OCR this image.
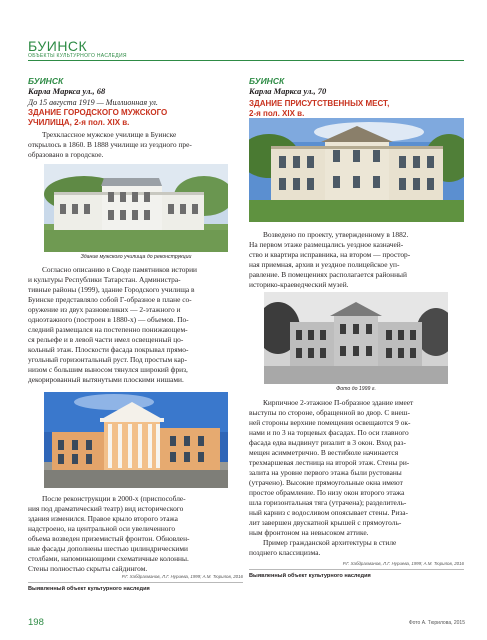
БУИНСК
ОБЪЕКТЫ КУЛЬТУРНОГО НАСЛЕДИЯ
БУИНСК
Карла Маркса ул., 68
До 15 августа 1919 — Миллионная ул.
ЗДАНИЕ ГОРОДСКОГО МУЖСКОГО
УЧИЛИЩА, 2-я пол. XIX в.
Трехклассное мужское училище в Буинске
открылось в 1860. В 1888 училище из уездного пре-
образовано в городское.
Здание мужского училища до реконструкции
Согласно описанию в Своде памятников истории
и культуры Республики Татарстан. Администра-
тивные районы (1999), здание Городского училища в
Буинске представляло собой Г-образное в плане со-
оружение из двух разновеликих — 2-этажного и
одноэтажного (построен в 1880-х) — объемов. По-
следний размещался на постепенно понижающем-
ся рельефе и в левой части имел освещенный цо-
кольный этаж. Плоскости фасада покрывал прямо-
угольный горизонтальный руст. Под простым кар-
низом с большим выносом тянулся широкий фриз,
декорированный вытянутыми плоскими нишами.
После реконструкции в 2000-х (приспособле-
ния под драматический театр) вид исторического
здания изменился. Правое крыло второго этажа
надстроено, на центральной оси увеличенного
объема возведен приземистый фронтон. Обновлен-
ные фасады дополнены шестью цилиндрическими
столбами, напоминающими схематичные колонны.
Стены полностью скрыты сайдингом.
Р.Г. Хабдрахманов, Л.Г. Нуриева, 1999; А.М. Тюрилов, 2016
Выявленный объект культурного наследия
БУИНСК
Карла Маркса ул., 70
ЗДАНИЕ ПРИСУТСТВЕННЫХ МЕСТ,
2-я пол. XIX в.
Возведено по проекту, утвержденному в 1882.
На первом этаже размещались уездное казначей-
ство и квартира исправника, на втором — простор-
ная приемная, архив и уездное полицейское уп-
равление. В помещениях располагается районный
историко-краеведческий музей.
Фото до 1999 г.
Кирпичное 2-этажное П-образное здание имеет
выступы по стороне, обращенной во двор. С внеш-
ней стороны верхние помещения освещаются 9 ок-
нами и по 3 на торцевых фасадах. По оси главного
фасада едва выдвинут ризалит в 3 окон. Вход раз-
мещен асимметрично. В вестибюле начинается
трехмаршевая лестница на второй этаж. Стены ри-
залита на уровне первого этажа были рустованы
(утрачено). Высокие прямоугольные окна имеют
простое обрамление. По низу окон второго этажа
шла горизонтальная тяга (утрачена); разделитель-
ный карниз с водосливом опоясывает стены. Риза-
лит завершен двускатной крышей с прямоуголь-
ным фронтоном на невысоком аттике.
Пример гражданской архитектуры в стиле
позднего классицизма.
Р.Г. Хабдрахманов, Л.Г. Нуриева, 1999; А.М. Тюрилов, 2016
Выявленный объект культурного наследия
198	Фото А. Тюрилова, 2015
